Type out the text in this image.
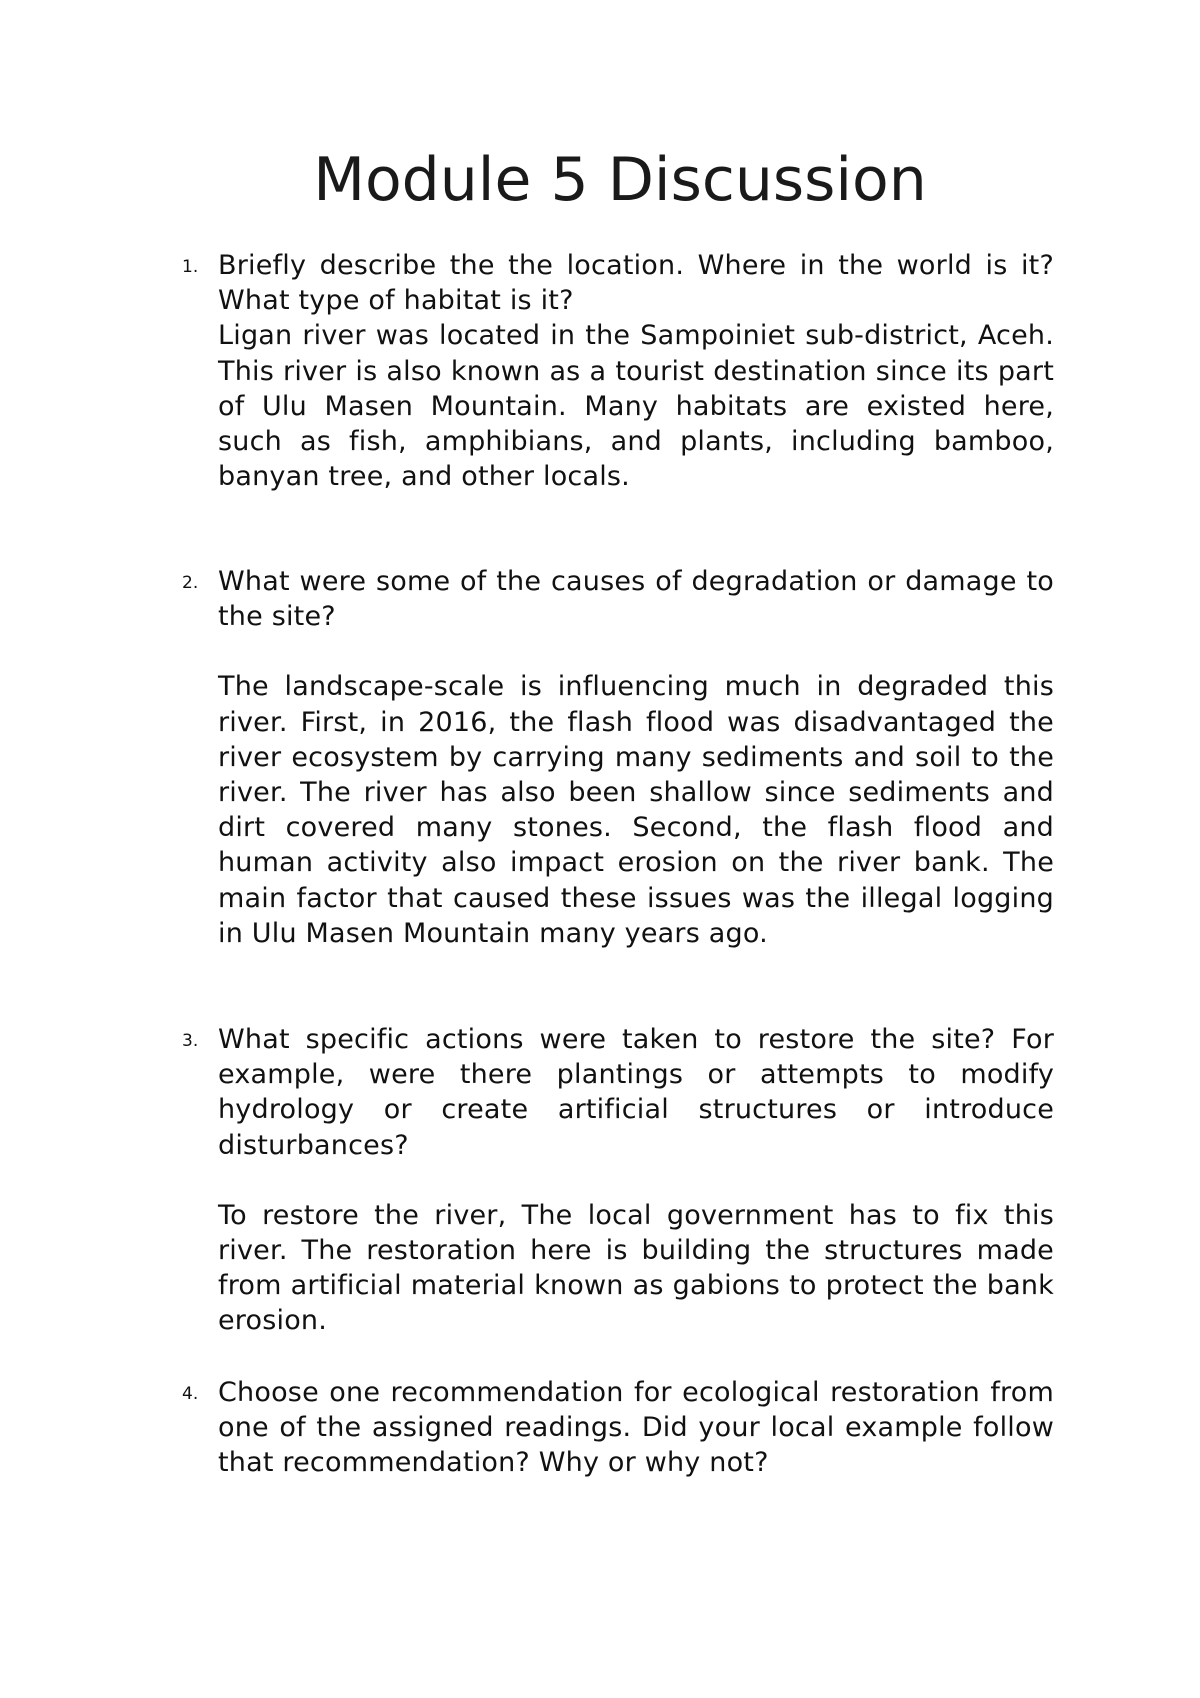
Module 5 Discussion
1. Briefly describe the the location. Where in the world is it? What type of habitat is it?

Ligan river was located in the Sampoiniet sub-district, Aceh. This river is also known as a tourist destination since its part of Ulu Masen Mountain. Many habitats are existed here, such as fish, amphibians, and plants, including bamboo, banyan tree, and other locals.

2. What were some of the causes of degradation or damage to the site?

The landscape-scale is influencing much in degraded this river. First, in 2016, the flash flood was disadvantaged the river ecosystem by carrying many sediments and soil to the river. The river has also been shallow since sediments and dirt covered many stones. Second, the flash flood and human activity also impact erosion on the river bank. The main factor that caused these issues was the illegal logging in Ulu Masen Mountain many years ago.

3. What specific actions were taken to restore the site? For example, were there plantings or attempts to modify hydrology or create artificial structures or introduce disturbances?

To restore the river, The local government has to fix this river. The restoration here is building the structures made from artificial material known as gabions to protect the bank erosion.

4. Choose one recommendation for ecological restoration from one of the assigned readings. Did your local example follow that recommendation? Why or why not?
